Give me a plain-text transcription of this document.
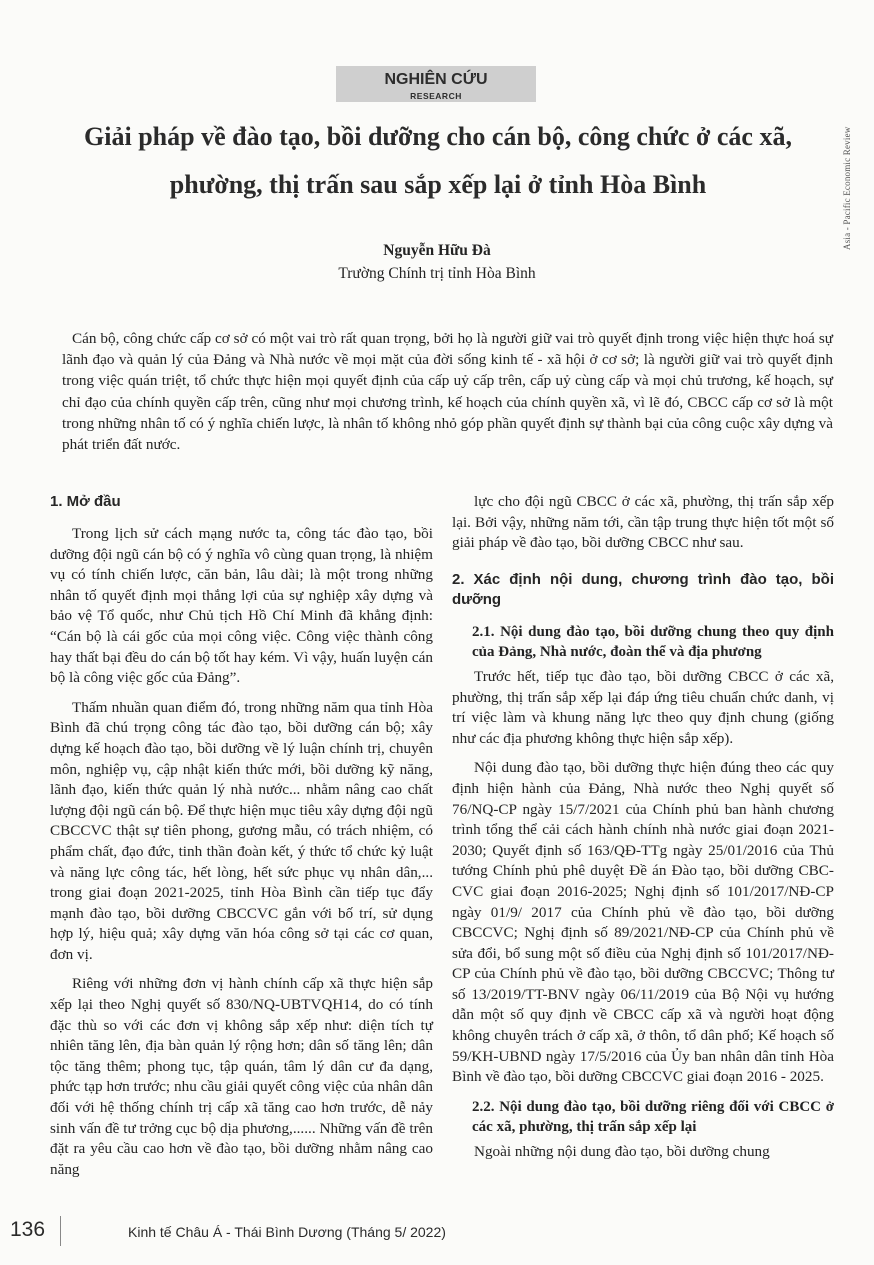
Asia - Pacific Economic Review
NGHIÊN CỨU
RESEARCH
Giải pháp về đào tạo, bồi dưỡng cho cán bộ, công chức ở các xã, phường, thị trấn sau sắp xếp lại ở tỉnh Hòa Bình
Nguyễn Hữu Đà
Trường Chính trị tỉnh Hòa Bình

Cán bộ, công chức cấp cơ sở có một vai trò rất quan trọng, bởi họ là người giữ vai trò quyết định trong việc hiện thực hoá sự lãnh đạo và quản lý của Đảng và Nhà nước về mọi mặt của đời sống kinh tế - xã hội ở cơ sở; là người giữ vai trò quyết định trong việc quán triệt, tổ chức thực hiện mọi quyết định của cấp uỷ cấp trên, cấp uỷ cùng cấp và mọi chủ trương, kế hoạch, sự chỉ đạo của chính quyền cấp trên, cũng như mọi chương trình, kế hoạch của chính quyền xã, vì lẽ đó, CBCC cấp cơ sở là một trong những nhân tố có ý nghĩa chiến lược, là nhân tố không nhỏ góp phần quyết định sự thành bại của công cuộc xây dựng và phát triển đất nước.

1. Mở đầu

Trong lịch sử cách mạng nước ta, công tác đào tạo, bồi dưỡng đội ngũ cán bộ có ý nghĩa vô cùng quan trọng, là nhiệm vụ có tính chiến lược, căn bản, lâu dài; là một trong những nhân tố quyết định mọi thắng lợi của sự nghiệp xây dựng và bảo vệ Tổ quốc, như Chủ tịch Hồ Chí Minh đã khẳng định: “Cán bộ là cái gốc của mọi công việc. Công việc thành công hay thất bại đều do cán bộ tốt hay kém. Vì vậy, huấn luyện cán bộ là công việc gốc của Đảng”.

Thấm nhuần quan điểm đó, trong những năm qua tỉnh Hòa Bình đã chú trọng công tác đào tạo, bồi dưỡng cán bộ; xây dựng kế hoạch đào tạo, bồi dưỡng về lý luận chính trị, chuyên môn, nghiệp vụ, cập nhật kiến thức mới, bồi dưỡng kỹ năng, lãnh đạo, kiến thức quản lý nhà nước... nhằm nâng cao chất lượng đội ngũ cán bộ. Để thực hiện mục tiêu xây dựng đội ngũ CBCCVC thật sự tiên phong, gương mẫu, có trách nhiệm, có phẩm chất, đạo đức, tinh thần đoàn kết, ý thức tổ chức kỷ luật và năng lực công tác, hết lòng, hết sức phục vụ nhân dân,... trong giai đoạn 2021-2025, tỉnh Hòa Bình cần tiếp tục đẩy mạnh đào tạo, bồi dưỡng CBCCVC gắn với bố trí, sử dụng hợp lý, hiệu quả; xây dựng văn hóa công sở tại các cơ quan, đơn vị.

Riêng với những đơn vị hành chính cấp xã thực hiện sắp xếp lại theo Nghị quyết số 830/NQ-UBTVQH14, do có tính đặc thù so với các đơn vị không sắp xếp như: diện tích tự nhiên tăng lên, địa bàn quản lý rộng hơn; dân số tăng lên; dân tộc tăng thêm; phong tục, tập quán, tâm lý dân cư đa dạng, phức tạp hơn trước; nhu cầu giải quyết công việc của nhân dân đối với hệ thống chính trị cấp xã tăng cao hơn trước, dễ nảy sinh vấn đề tư trởng cục bộ dịa phương,...... Những vấn đề trên đặt ra yêu cầu cao hơn về đào tạo, bồi dưỡng nhằm nâng cao năng

lực cho đội ngũ CBCC ở các xã, phường, thị trấn sắp xếp lại. Bởi vậy, những năm tới, cần tập trung thực hiện tốt một số giải pháp về đào tạo, bồi dưỡng CBCC như sau.

2. Xác định nội dung, chương trình đào tạo, bồi dưỡng
2.1. Nội dung đào tạo, bồi dưỡng chung theo quy định của Đảng, Nhà nước, đoàn thể và địa phương

Trước hết, tiếp tục đào tạo, bồi dưỡng CBCC ở các xã, phường, thị trấn sắp xếp lại đáp ứng tiêu chuẩn chức danh, vị trí việc làm và khung năng lực theo quy định chung (giống như các địa phương không thực hiện sắp xếp).

Nội dung đào tạo, bồi dưỡng thực hiện đúng theo các quy định hiện hành của Đảng, Nhà nước theo Nghị quyết số 76/NQ-CP ngày 15/7/2021 của Chính phủ ban hành chương trình tổng thể cải cách hành chính nhà nước giai đoạn 2021-2030; Quyết định số 163/QĐ-TTg ngày 25/01/2016 của Thủ tướng Chính phủ phê duyệt Đề án Đào tạo, bồi dưỡng CBC-CVC giai đoạn 2016-2025; Nghị định số 101/2017/NĐ-CP ngày 01/9/ 2017 của Chính phủ về đào tạo, bồi dưỡng CBCCVC; Nghị định số 89/2021/NĐ-CP của Chính phủ về sửa đổi, bổ sung một số điều của Nghị định số 101/2017/NĐ-CP của Chính phủ về đào tạo, bồi dưỡng CBCCVC; Thông tư số 13/2019/TT-BNV ngày 06/11/2019 của Bộ Nội vụ hướng dẫn một số quy định về CBCC cấp xã và người hoạt động không chuyên trách ở cấp xã, ở thôn, tổ dân phố; Kế hoạch số 59/KH-UBND ngày 17/5/2016 của Ủy ban nhân dân tỉnh Hòa Bình về đào tạo, bồi dưỡng CBCCVC giai đoạn 2016 - 2025.

2.2. Nội dung đào tạo, bồi dưỡng riêng đối với CBCC ở các xã, phường, thị trấn sắp xếp lại

Ngoài những nội dung đào tạo, bồi dưỡng chung

136	Kinh tế Châu Á - Thái Bình Dương (Tháng 5/ 2022)
